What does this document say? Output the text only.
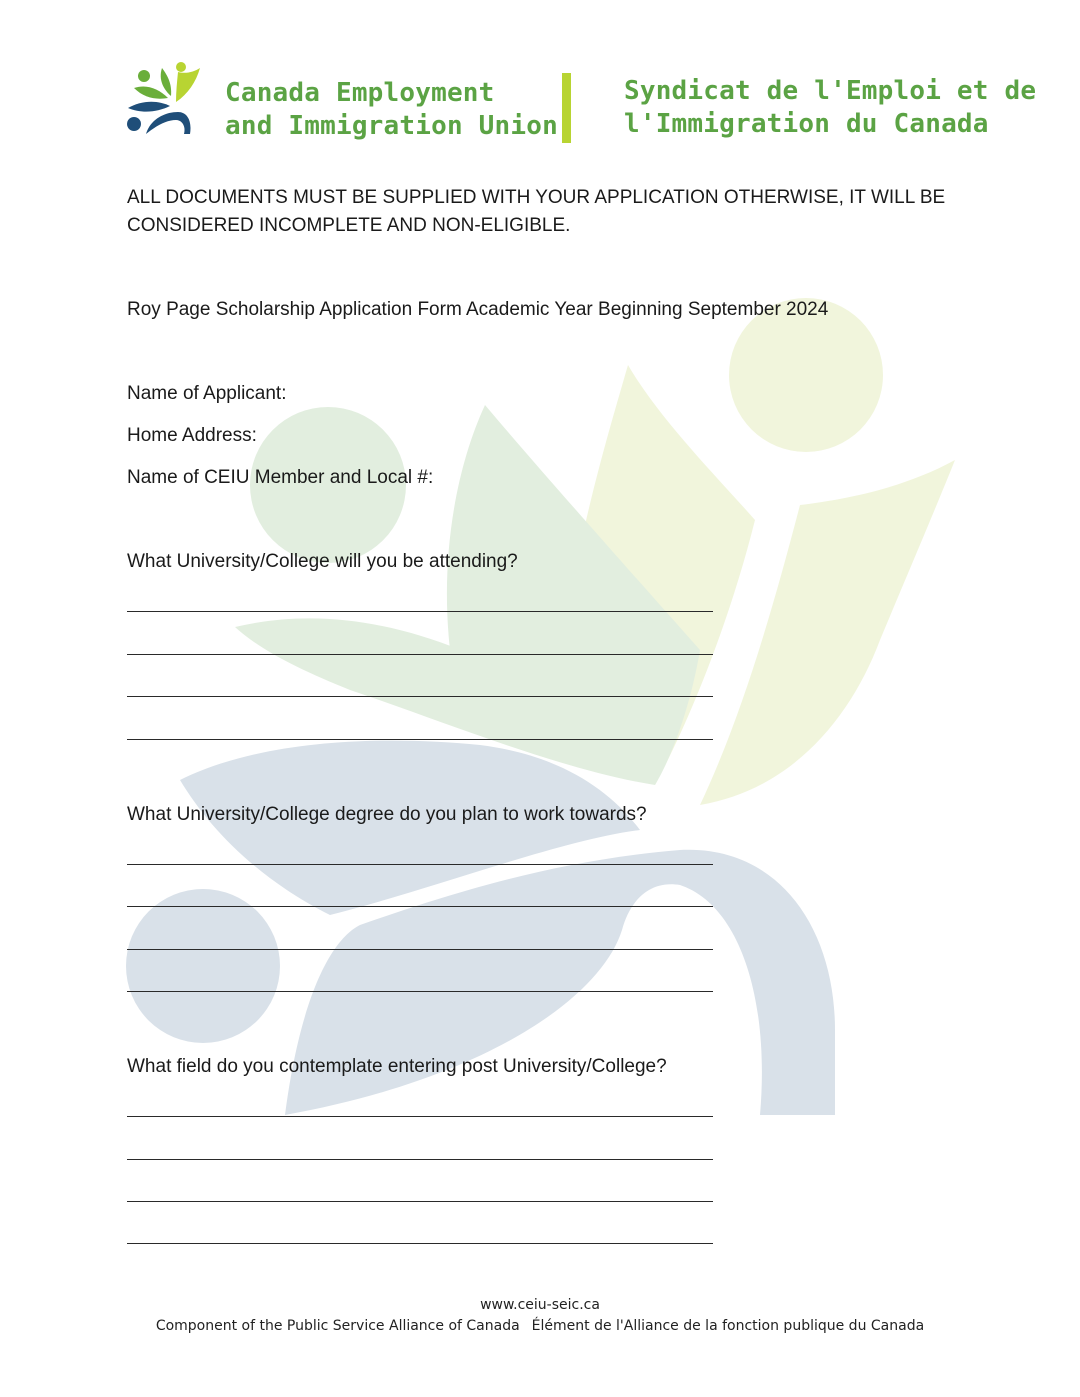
Canada Employment
and Immigration Union
Syndicat de l'Emploi et de
l'Immigration du Canada
ALL DOCUMENTS MUST BE SUPPLIED WITH YOUR APPLICATION OTHERWISE, IT WILL BE
CONSIDERED INCOMPLETE AND NON-ELIGIBLE.
Roy Page Scholarship Application Form Academic Year Beginning September 2024
Name of Applicant:
Home Address:
Name of CEIU Member and Local #:
What University/College will you be attending?
What University/College degree do you plan to work towards?
What field do you contemplate entering post University/College?
www.ceiu-seic.ca
Component of the Public Service Alliance of Canada Élément de l'Alliance de la fonction publique du Canada
